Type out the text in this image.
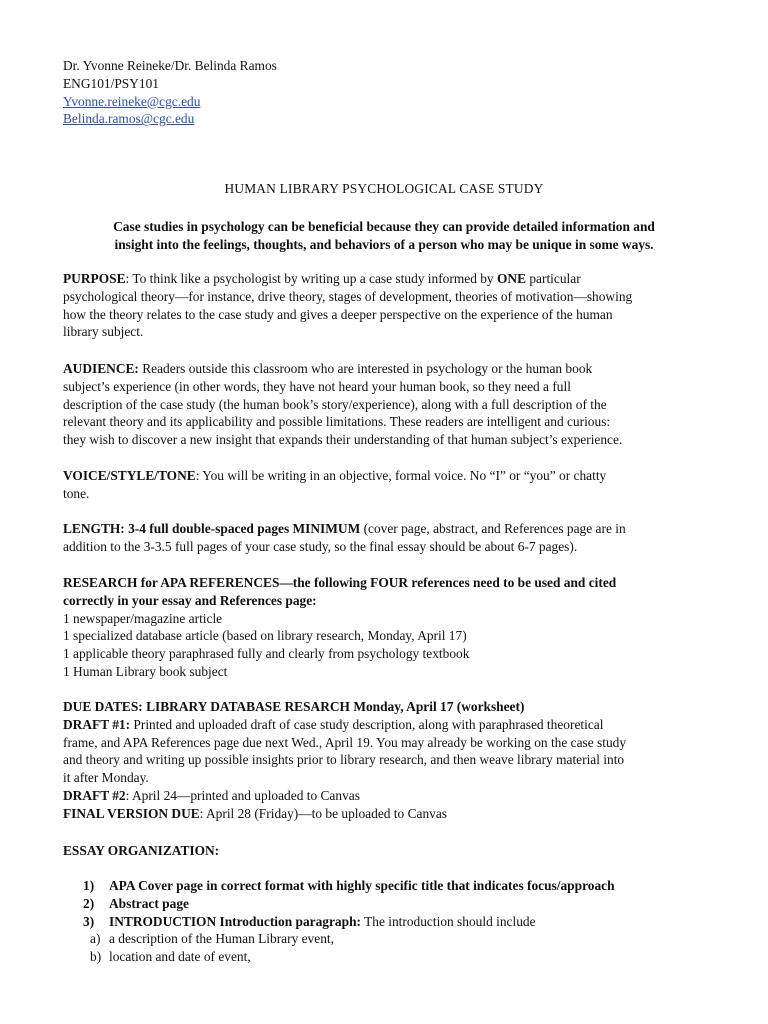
Dr. Yvonne Reineke/Dr. Belinda Ramos
ENG101/PSY101
Yvonne.reineke@cgc.edu
Belinda.ramos@cgc.edu
HUMAN LIBRARY PSYCHOLOGICAL CASE STUDY
Case studies in psychology can be beneficial because they can provide detailed information and
insight into the feelings, thoughts, and behaviors of a person who may be unique in some ways.
PURPOSE: To think like a psychologist by writing up a case study informed by ONE particular
psychological theory—for instance, drive theory, stages of development, theories of motivation—showing
how the theory relates to the case study and gives a deeper perspective on the experience of the human
library subject.
AUDIENCE: Readers outside this classroom who are interested in psychology or the human book
subject’s experience (in other words, they have not heard your human book, so they need a full
description of the case study (the human book’s story/experience), along with a full description of the
relevant theory and its applicability and possible limitations. These readers are intelligent and curious:
they wish to discover a new insight that expands their understanding of that human subject’s experience.
VOICE/STYLE/TONE: You will be writing in an objective, formal voice. No “I” or “you” or chatty
tone.
LENGTH: 3-4 full double-spaced pages MINIMUM (cover page, abstract, and References page are in
addition to the 3-3.5 full pages of your case study, so the final essay should be about 6-7 pages).
RESEARCH for APA REFERENCES—the following FOUR references need to be used and cited
correctly in your essay and References page:
1 newspaper/magazine article
1 specialized database article (based on library research, Monday, April 17)
1 applicable theory paraphrased fully and clearly from psychology textbook
1 Human Library book subject
DUE DATES: LIBRARY DATABASE RESARCH Monday, April 17 (worksheet)
DRAFT #1: Printed and uploaded draft of case study description, along with paraphrased theoretical
frame, and APA References page due next Wed., April 19. You may already be working on the case study
and theory and writing up possible insights prior to library research, and then weave library material into
it after Monday.
DRAFT #2: April 24—printed and uploaded to Canvas
FINAL VERSION DUE: April 28 (Friday)—to be uploaded to Canvas
ESSAY ORGANIZATION:
1) APA Cover page in correct format with highly specific title that indicates focus/approach
2) Abstract page
3) INTRODUCTION Introduction paragraph: The introduction should include
a) a description of the Human Library event,
b) location and date of event,
